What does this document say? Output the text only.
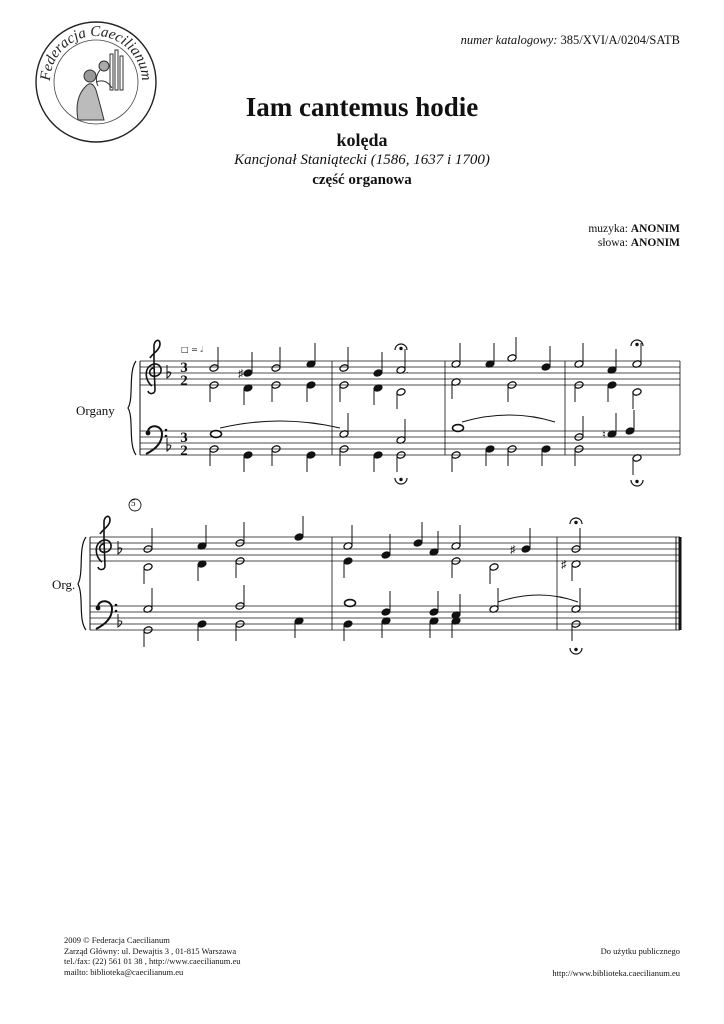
Federacja Caecilianum
numer katalogowy: 385/XVI/A/0204/SATB
Iam cantemus hodie
kolęda
Kancjonał Staniątecki (1586, 1637 i 1700)
część organowa
muzyka: ANONIM
słowa: ANONIM
3
2
3
2
□ = 𝅗𝅥
♯	.
♮
♯
♯
Organy
Org.
5
2009 © Federacja Caecilianum
Zarząd Główny: ul. Dewajtis 3 , 01-815 Warszawa
tel./fax: (22) 561 01 38 , http://www.caecilianum.eu
mailto: biblioteka@caecilianum.eu
Do użytku publicznego
http://www.biblioteka.caecilianum.eu
